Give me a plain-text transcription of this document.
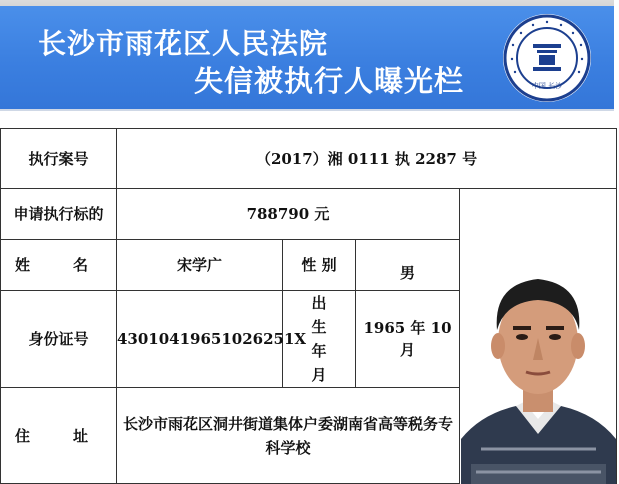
长沙市雨花区人民法院
失信被执行人曝光栏	中国 长沙
执行案号	（2017）湘 0111 执 2287 号			
申请执行标的	788790 元	

姓　名	宋学广	性 别	男	
身份证号	43010419651026251X	出生年月	1965 年 10 月	
住　址	长沙市雨花区洞井街道集体户委湖南省高等税务专科学校			
